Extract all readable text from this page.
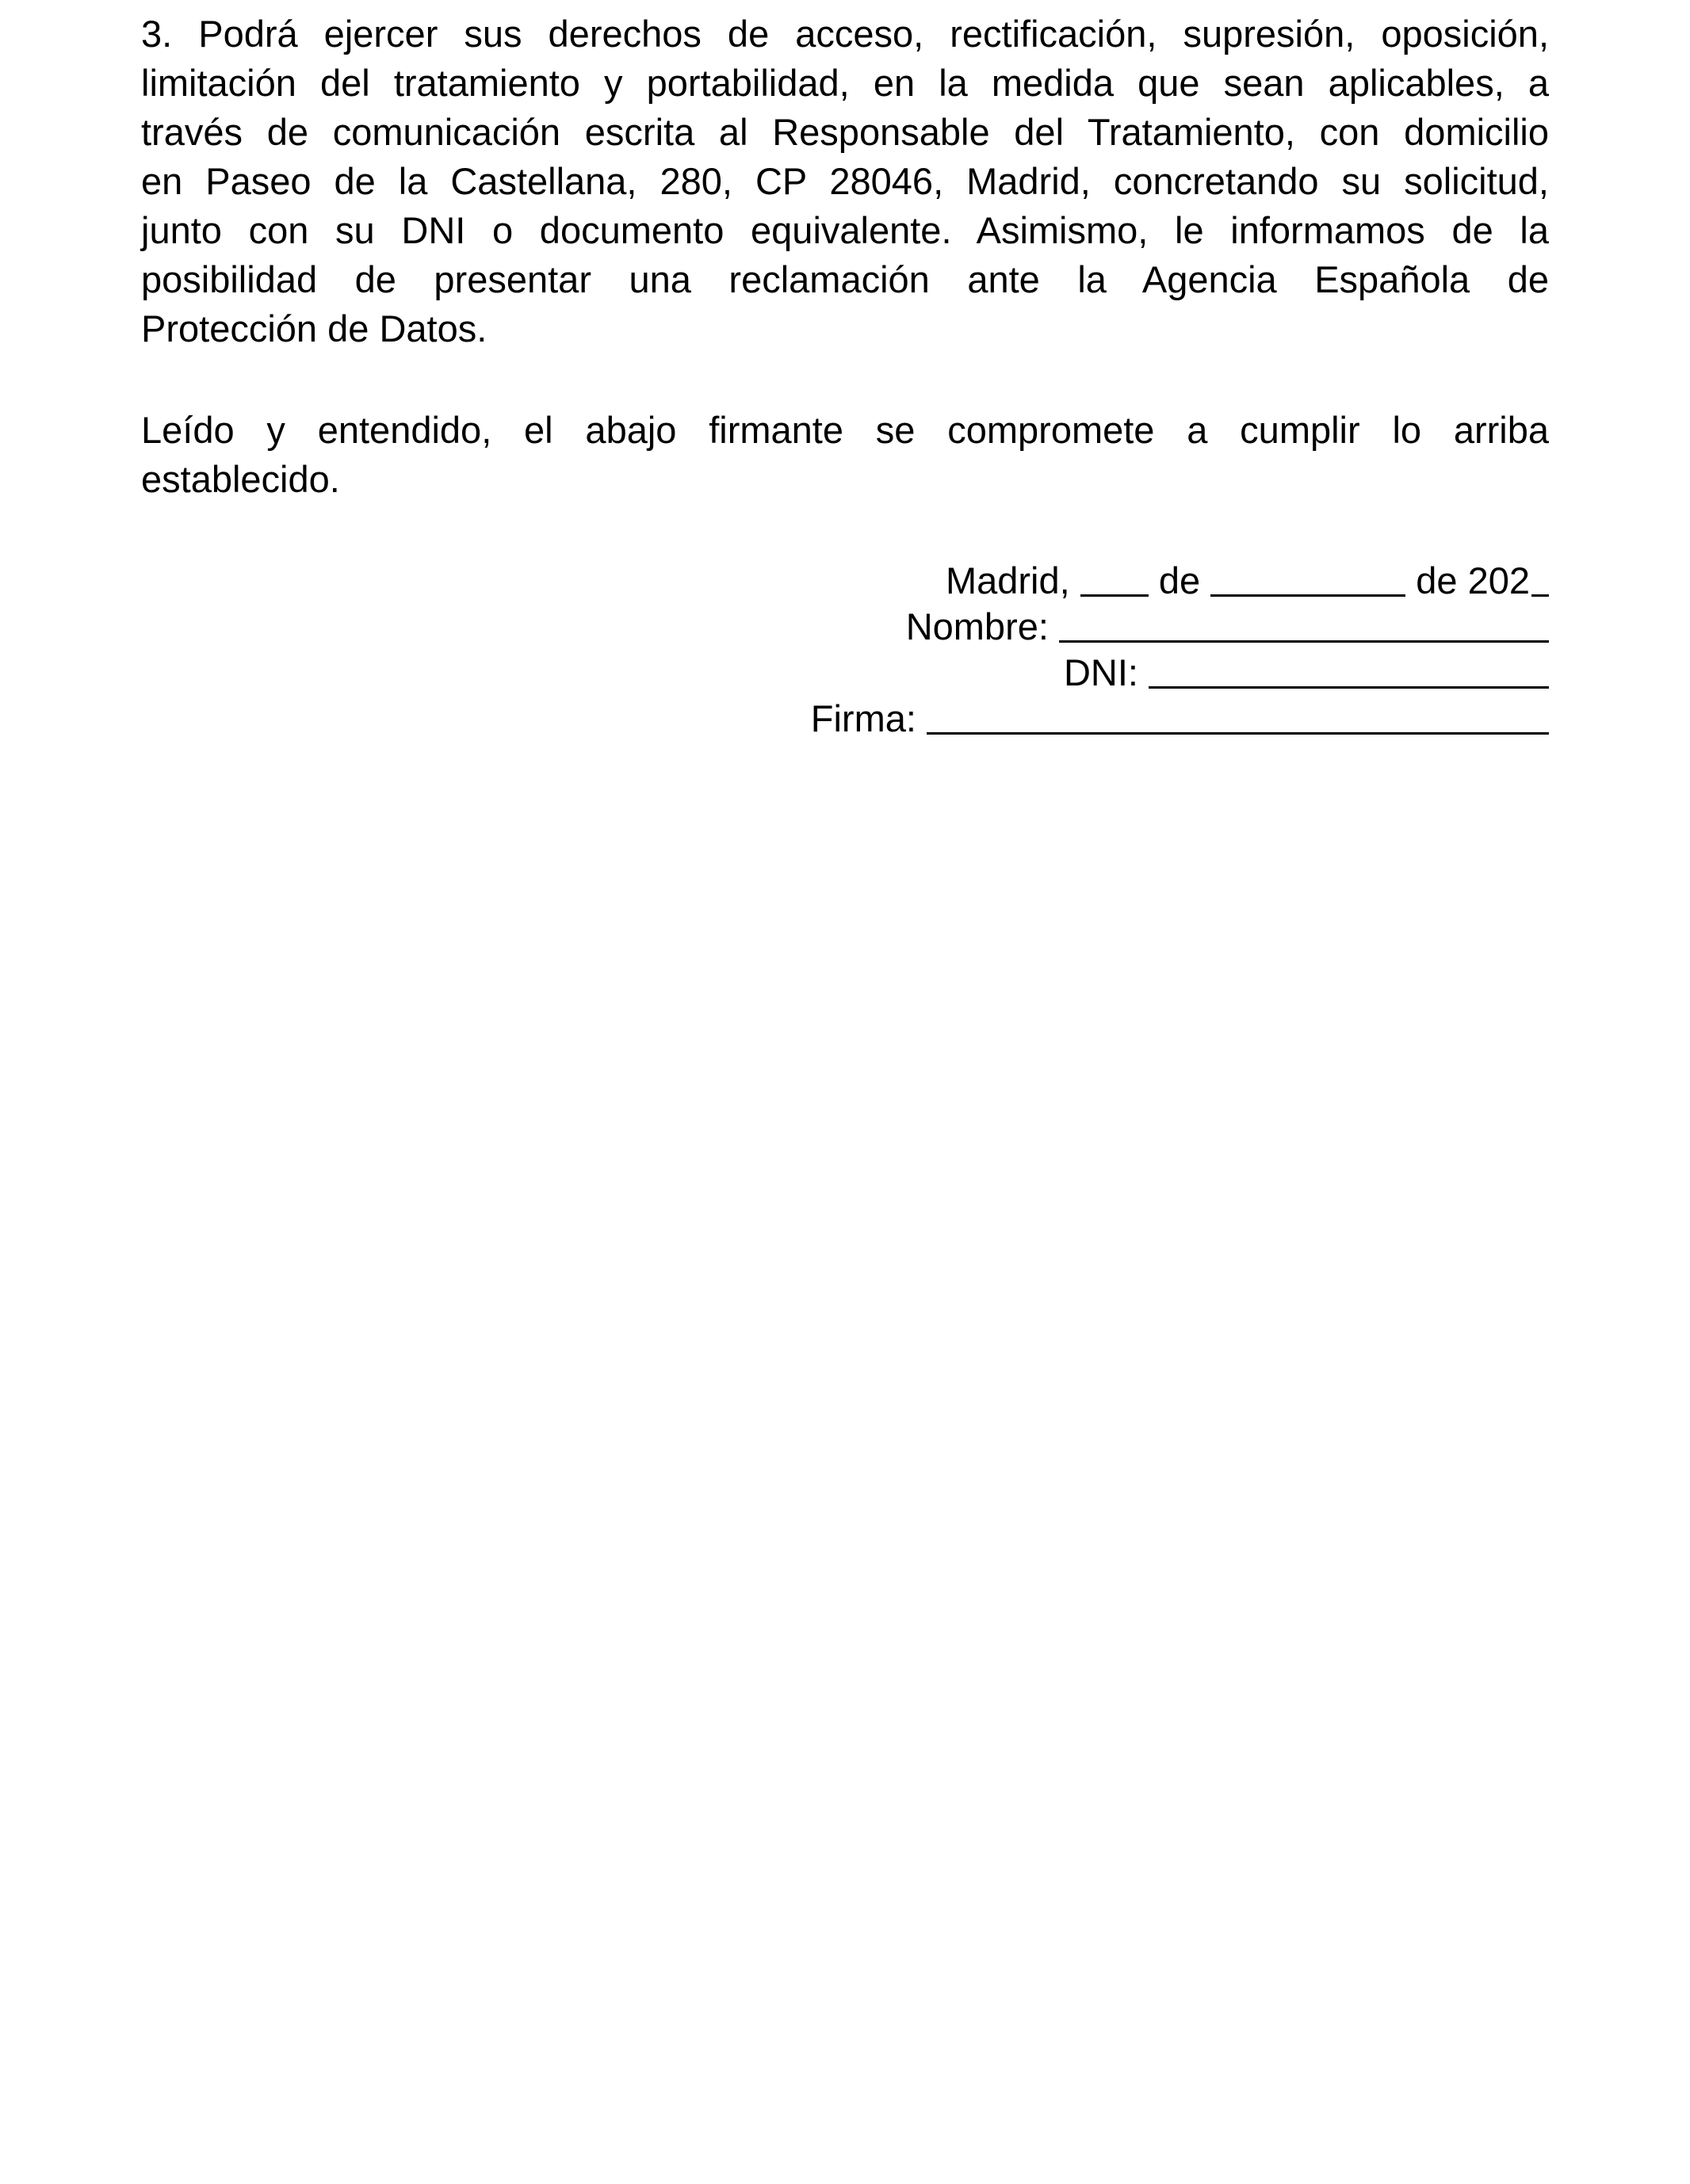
3. Podrá ejercer sus derechos de acceso, rectificación, supresión, oposición,
limitación del tratamiento y portabilidad, en la medida que sean aplicables, a
través de comunicación escrita al Responsable del Tratamiento, con domicilio
en Paseo de la Castellana, 280, CP 28046, Madrid, concretando su solicitud,
junto con su DNI o documento equivalente. Asimismo, le informamos de la
posibilidad de presentar una reclamación ante la Agencia Española de
Protección de Datos.

Leído y entendido, el abajo firmante se compromete a cumplir lo arriba
establecido.

Madrid, de	de 202
Nombre:
DNI:
Firma:
